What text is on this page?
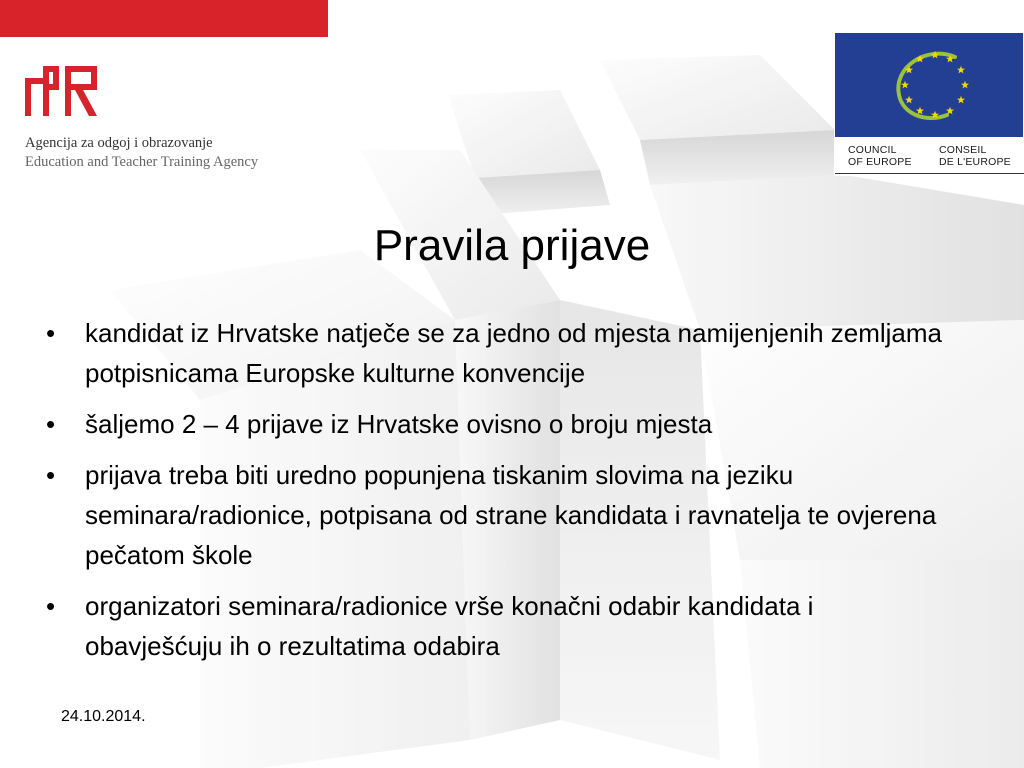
Agencija za odgoj i obrazovanje
Education and Teacher Training Agency
COUNCIL
OF EUROPE
CONSEIL
DE L'EUROPE
Pravila prijave
• kandidat iz Hrvatske natječe se za jedno od mjesta namijenjenih zemljama potpisnicama Europske kulturne konvencije
• šaljemo 2 – 4 prijave iz Hrvatske ovisno o broju mjesta
• prijava treba biti uredno popunjena tiskanim slovima na jeziku seminara/radionice, potpisana od strane kandidata i ravnatelja te ovjerena pečatom škole
• organizatori seminara/radionice vrše konačni odabir kandidata i obavješćuju ih o rezultatima odabira
24.10.2014.
